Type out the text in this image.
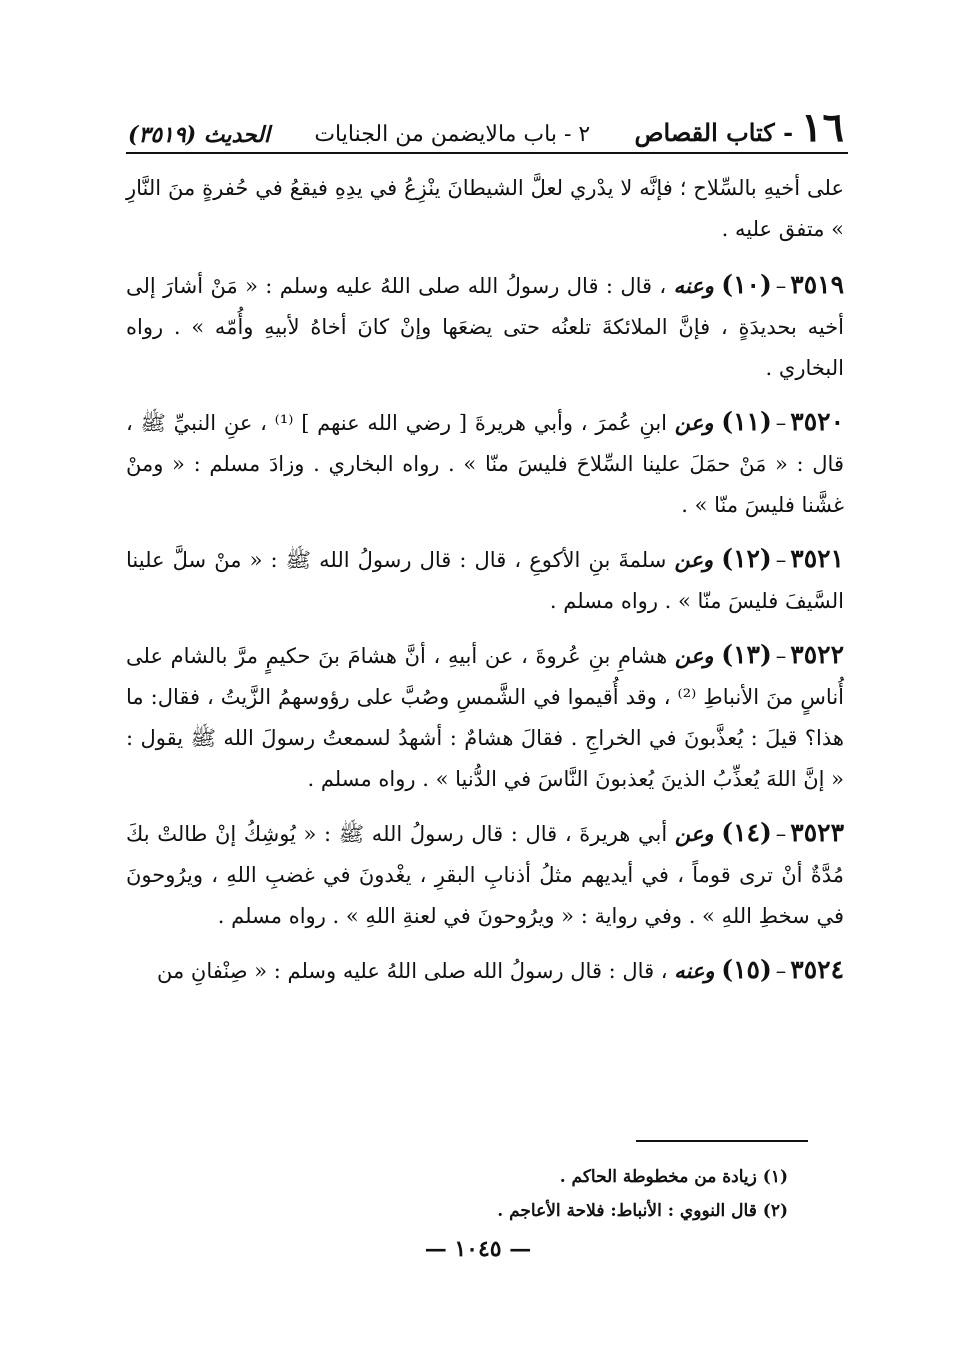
١٦
- كتاب القصاص
٢ - باب مالايضمن من الجنايات
الحديث (٣٥١٩)

على أخيهِ بالسِّلاح ؛ فإنَّه لا يدْري لعلَّ الشيطانَ ينْزِعُ في يدِهِ فيقعُ في حُفرةٍ منَ النَّارِ » متفق عليه .

٣٥١٩–(١٠) وعنه ، قال : قال رسولُ الله صلى اللهُ عليه وسلم : « مَنْ أشارَ إلى أخيه بحديدَةٍ ، فإنَّ الملائكةَ تلعنُه حتى يضعَها وإنْ كانَ أخاهُ لأبيهِ وأُمّه » . رواه البخاري .

٣٥٢٠–(١١) وعن ابنِ عُمرَ ، وأبي هريرةَ [ رضي الله عنهم ] ⁽¹⁾ ، عنِ النبيِّ ﷺ ، قال : « مَنْ حمَلَ علينا السِّلاحَ فليسَ منّا » . رواه البخاري . وزادَ مسلم : « ومنْ غشَّنا فليسَ منّا » .

٣٥٢١–(١٢) وعن سلمةَ بنِ الأكوعِ ، قال : قال رسولُ الله ﷺ : « منْ سلَّ علينا السَّيفَ فليسَ منّا » . رواه مسلم .

٣٥٢٢–(١٣) وعن هشامِ بنِ عُروةَ ، عن أبيهِ ، أنَّ هشامَ بنَ حكيمٍ مرَّ بالشام على أُناسٍ منَ الأنباطِ ⁽²⁾ ، وقد أُقيموا في الشَّمسِ وصُبَّ على رؤوسهمُ الزَّيتُ ، فقال: ما هذا؟ قيلَ : يُعذَّبونَ في الخراجِ . فقالَ هشامٌ : أشهدُ لسمعتُ رسولَ الله ﷺ يقول : « إنَّ اللهَ يُعذِّبُ الذينَ يُعذبونَ النَّاسَ في الدُّنيا » . رواه مسلم .

٣٥٢٣–(١٤) وعن أبي هريرةَ ، قال : قال رسولُ الله ﷺ : « يُوشِكُ إنْ طالتْ بكَ مُدَّةٌ أنْ ترى قوماً ، في أيديهم مثلُ أذنابِ البقرِ ، يغْدونَ في غضبِ اللهِ ، ويرُوحونَ في سخطِ اللهِ » . وفي رواية : « ويرُوحونَ في لعنةِ اللهِ » . رواه مسلم .

٣٥٢٤–(١٥) وعنه ، قال : قال رسولُ الله صلى اللهُ عليه وسلم : « صِنْفانِ من

(١) زيادة من مخطوطة الحاكم .
(٢) قال النووي : الأنباط: فلاحة الأعاجم .
— ١٠٤٥ —
